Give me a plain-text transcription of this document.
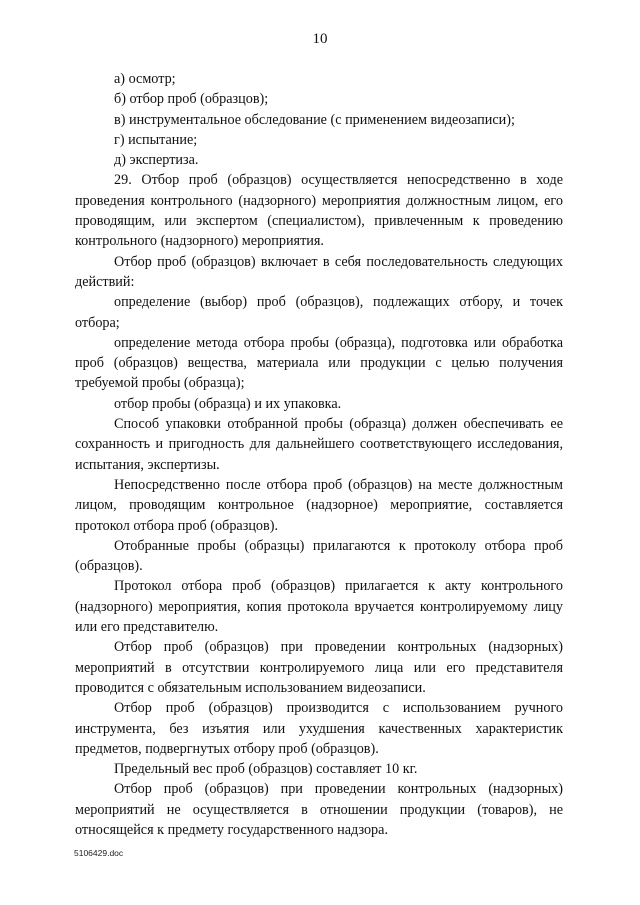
10
а) осмотр;
б) отбор проб (образцов);
в) инструментальное обследование (с применением видеозаписи);
г) испытание;
д) экспертиза.

29. Отбор проб (образцов) осуществляется непосредственно в ходе проведения контрольного (надзорного) мероприятия должностным лицом, его проводящим, или экспертом (специалистом), привлеченным к проведению контрольного (надзорного) мероприятия.

Отбор проб (образцов) включает в себя последовательность следующих действий:

определение (выбор) проб (образцов), подлежащих отбору, и точек отбора;

определение метода отбора пробы (образца), подготовка или обработка проб (образцов) вещества, материала или продукции с целью получения требуемой пробы (образца);

отбор пробы (образца) и их упаковка.

Способ упаковки отобранной пробы (образца) должен обеспечивать ее сохранность и пригодность для дальнейшего соответствующего исследования, испытания, экспертизы.

Непосредственно после отбора проб (образцов) на месте должностным лицом, проводящим контрольное (надзорное) мероприятие, составляется протокол отбора проб (образцов).

Отобранные пробы (образцы) прилагаются к протоколу отбора проб (образцов).

Протокол отбора проб (образцов) прилагается к акту контрольного (надзорного) мероприятия, копия протокола вручается контролируемому лицу или его представителю.

Отбор проб (образцов) при проведении контрольных (надзорных) мероприятий в отсутствии контролируемого лица или его представителя проводится с обязательным использованием видеозаписи.

Отбор проб (образцов) производится с использованием ручного инструмента, без изъятия или ухудшения качественных характеристик предметов, подвергнутых отбору проб (образцов).

Предельный вес проб (образцов) составляет 10 кг.

Отбор проб (образцов) при проведении контрольных (надзорных) мероприятий не осуществляется в отношении продукции (товаров), не относящейся к предмету государственного надзора.

5106429.doc
